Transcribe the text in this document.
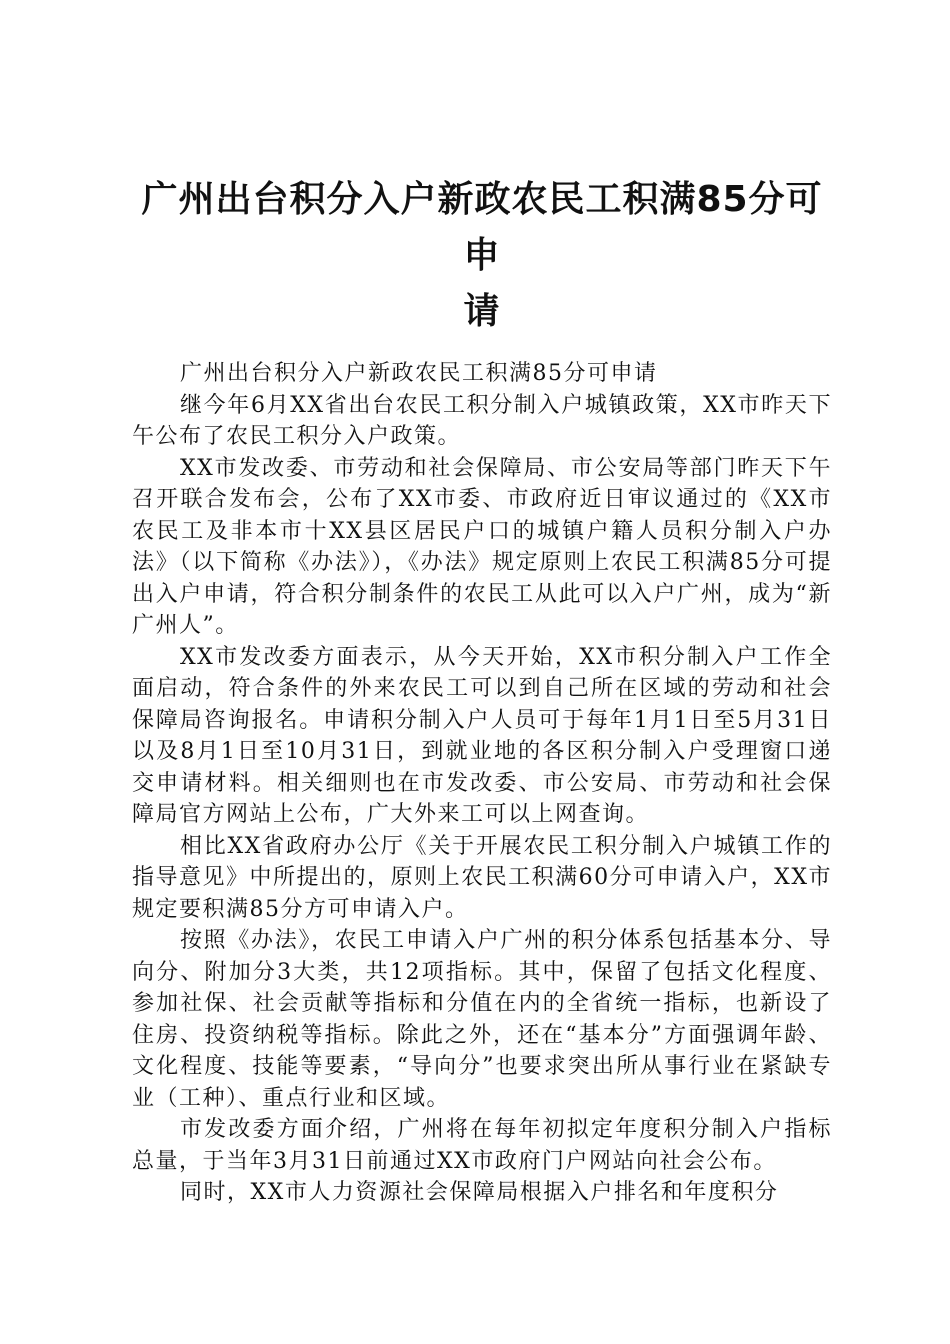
广州出台积分入户新政农民工积满85分可申
请

广州出台积分入户新政农民工积满85分可申请

继今年6月XX省出台农民工积分制入户城镇政策，XX市昨天下午公布了农民工积分入户政策。

XX市发改委、市劳动和社会保障局、市公安局等部门昨天下午召开联合发布会，公布了XX市委、市政府近日审议通过的《XX市农民工及非本市十XX县区居民户口的城镇户籍人员积分制入户办法》（以下简称《办法》），《办法》规定原则上农民工积满85分可提出入户申请，符合积分制条件的农民工从此可以入户广州，成为“新广州人”。

XX市发改委方面表示，从今天开始，XX市积分制入户工作全面启动，符合条件的外来农民工可以到自己所在区域的劳动和社会保障局咨询报名。申请积分制入户人员可于每年1月1日至5月31日以及8月1日至10月31日，到就业地的各区积分制入户受理窗口递交申请材料。相关细则也在市发改委、市公安局、市劳动和社会保障局官方网站上公布，广大外来工可以上网查询。

相比XX省政府办公厅《关于开展农民工积分制入户城镇工作的指导意见》中所提出的，原则上农民工积满60分可申请入户，XX市规定要积满85分方可申请入户。

按照《办法》，农民工申请入户广州的积分体系包括基本分、导向分、附加分3大类，共12项指标。其中，保留了包括文化程度、参加社保、社会贡献等指标和分值在内的全省统一指标，也新设了住房、投资纳税等指标。除此之外，还在“基本分”方面强调年龄、文化程度、技能等要素，“导向分”也要求突出所从事行业在紧缺专业（工种）、重点行业和区域。

市发改委方面介绍，广州将在每年初拟定年度积分制入户指标总量，于当年3月31日前通过XX市政府门户网站向社会公布。

同时，XX市人力资源社会保障局根据入户排名和年度积分
